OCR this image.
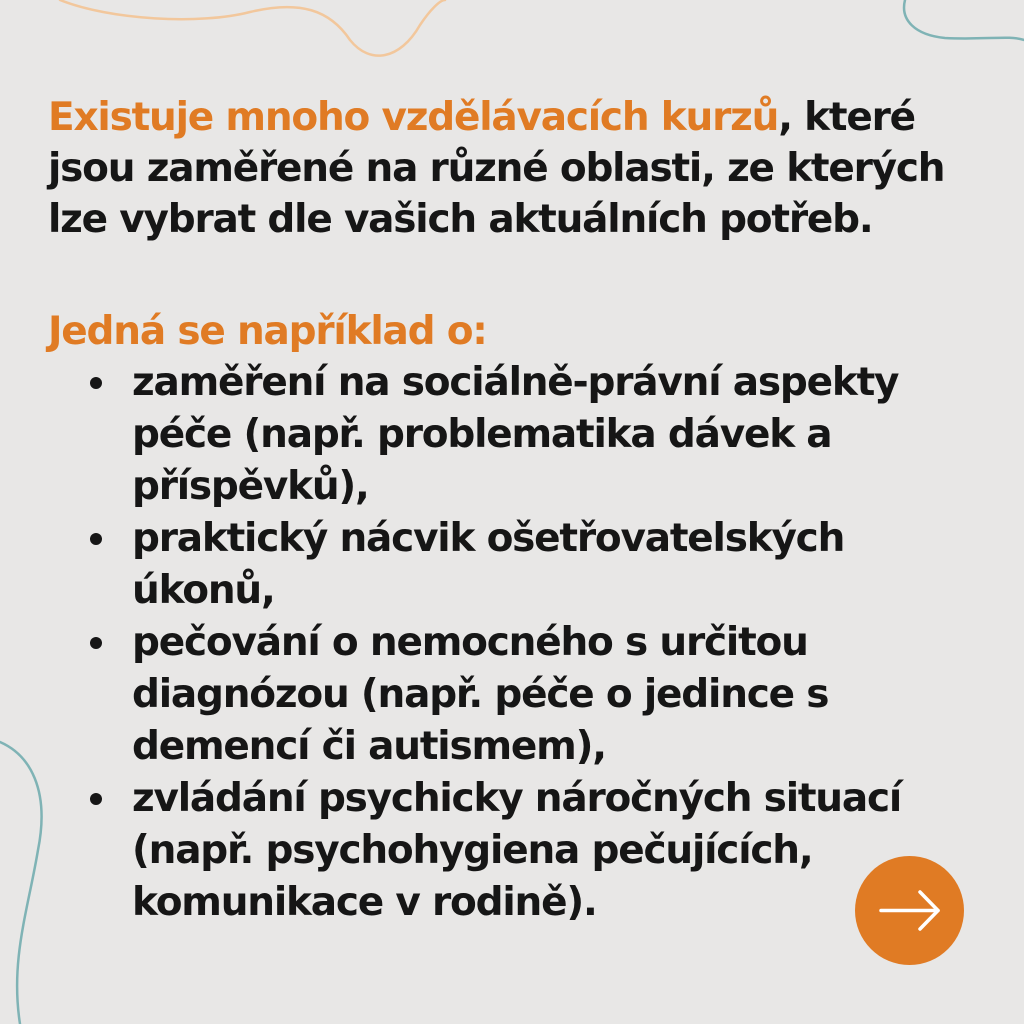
Existuje mnoho vzdělávacích kurzů, které jsou zaměřené na různé oblasti, ze kterých lze vybrat dle vašich aktuálních potřeb.

Jedná se například o:

zaměření na sociálně-právní aspekty péče (např. problematika dávek a příspěvků),
praktický nácvik ošetřovatelských úkonů,
pečování o nemocného s určitou diagnózou (např. péče o jedince s demencí či autismem),
zvládání psychicky náročných situací (např. psychohygiena pečujících, komunikace v rodině).
